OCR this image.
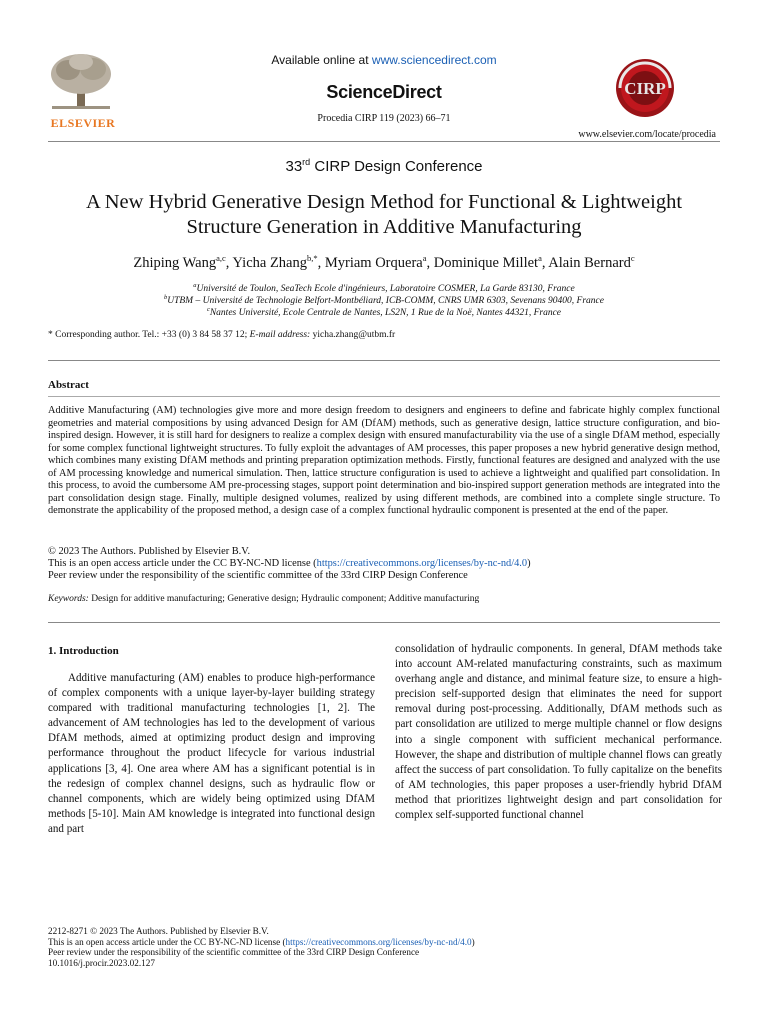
ELSEVIER
Available online at www.sciencedirect.com
ScienceDirect
Procedia CIRP 119 (2023) 66–71
CIRP
www.elsevier.com/locate/procedia
33rd CIRP Design Conference
A New Hybrid Generative Design Method for Functional & Lightweight
Structure Generation in Additive Manufacturing
Zhiping Wang$^{a,c}$, Yicha Zhang$^{b,*}$, Myriam Orquera$^a$, Dominique Millet$^a$, Alain Bernard$^c$
$^a$Université de Toulon, SeaTech Ecole d'ingénieurs, Laboratoire COSMER, La Garde 83130, France
$^b$UTBM – Université de Technologie Belfort-Montbéliard, ICB-COMM, CNRS UMR 6303, Sevenans 90400, France
$^c$Nantes Université, Ecole Centrale de Nantes, LS2N, 1 Rue de la Noë, Nantes 44321, France
* Corresponding author. Tel.: +33 (0) 3 84 58 37 12; E-mail address: yicha.zhang@utbm.fr
Abstract
Additive Manufacturing (AM) technologies give more and more design freedom to designers and engineers to define and fabricate highly complex functional geometries and material compositions by using advanced Design for AM (DfAM) methods, such as generative design, lattice structure configuration, and bio-inspired design. However, it is still hard for designers to realize a complex design with ensured manufacturability via the use of a single DfAM method, especially for some complex functional lightweight structures. To fully exploit the advantages of AM processes, this paper proposes a new hybrid generative design method, which combines many existing DfAM methods and printing preparation optimization methods. Firstly, functional features are designed and analyzed with the use of AM processing knowledge and numerical simulation. Then, lattice structure configuration is used to achieve a lightweight and qualified part consolidation. In this process, to avoid the cumbersome AM pre-processing stages, support point determination and bio-inspired support generation methods are integrated into the part consolidation design stage. Finally, multiple designed volumes, realized by using different methods, are combined into a complete single structure. To demonstrate the applicability of the proposed method, a design case of a complex functional hydraulic component is presented at the end of the paper.
© 2023 The Authors. Published by Elsevier B.V.
This is an open access article under the CC BY-NC-ND license (https://creativecommons.org/licenses/by-nc-nd/4.0)
Peer review under the responsibility of the scientific committee of the 33rd CIRP Design Conference
Keywords: Design for additive manufacturing; Generative design; Hydraulic component; Additive manufacturing
1. Introduction
Additive manufacturing (AM) enables to produce high-performance of complex components with a unique layer-by-layer building strategy compared with traditional manufacturing technologies [1, 2]. The advancement of AM technologies has led to the development of various DfAM methods, aimed at optimizing product design and improving performance throughout the product lifecycle for various industrial applications [3, 4]. One area where AM has a significant potential is in the redesign of complex channel designs, such as hydraulic flow or channel components, which are widely being optimized using DfAM methods [5-10]. Main AM knowledge is integrated into functional design and part
consolidation of hydraulic components. In general, DfAM methods take into account AM-related manufacturing constraints, such as maximum overhang angle and distance, and minimal feature size, to ensure a high-precision self-supported design that eliminates the need for support removal during post-processing. Additionally, DfAM methods such as part consolidation are utilized to merge multiple channel or flow designs into a single component with sufficient mechanical performance. However, the shape and distribution of multiple channel flows can greatly affect the success of part consolidation. To fully capitalize on the benefits of AM technologies, this paper proposes a user-friendly hybrid DfAM method that prioritizes lightweight design and part consolidation for complex self-supported functional channel
2212-8271 © 2023 The Authors. Published by Elsevier B.V.
This is an open access article under the CC BY-NC-ND license (https://creativecommons.org/licenses/by-nc-nd/4.0)
Peer review under the responsibility of the scientific committee of the 33rd CIRP Design Conference
10.1016/j.procir.2023.02.127
